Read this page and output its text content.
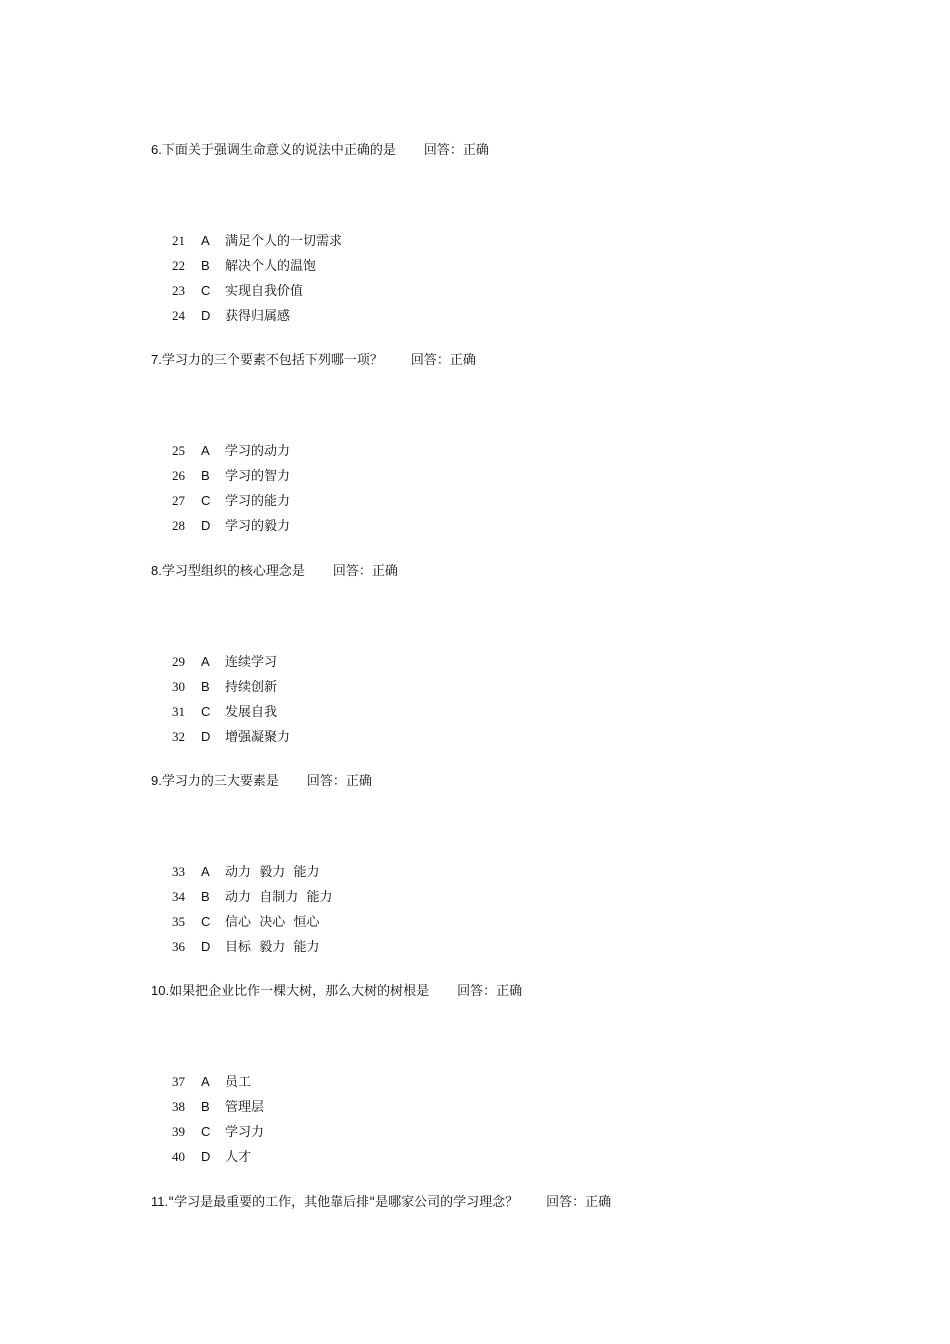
6.下面关于强调生命意义的说法中正确的是 回答：正确
21 A 满足个人的一切需求
22 B 解决个人的温饱
23 C 实现自我价值
24 D 获得归属感
7.学习力的三个要素不包括下列哪一项？ 回答：正确
25 A 学习的动力
26 B 学习的智力
27 C 学习的能力
28 D 学习的毅力
8.学习型组织的核心理念是 回答：正确
29 A 连续学习
30 B 持续创新
31 C 发展自我
32 D 增强凝聚力
9.学习力的三大要素是 回答：正确
33 A 动力  毅力  能力
34 B 动力  自制力  能力
35 C 信心  决心  恒心
36 D 目标  毅力  能力
10.如果把企业比作一棵大树，那么大树的树根是 回答：正确
37 A 员工
38 B 管理层
39 C 学习力
40 D 人才
11."学习是最重要的工作，其他靠后排"是哪家公司的学习理念？ 回答：正确
